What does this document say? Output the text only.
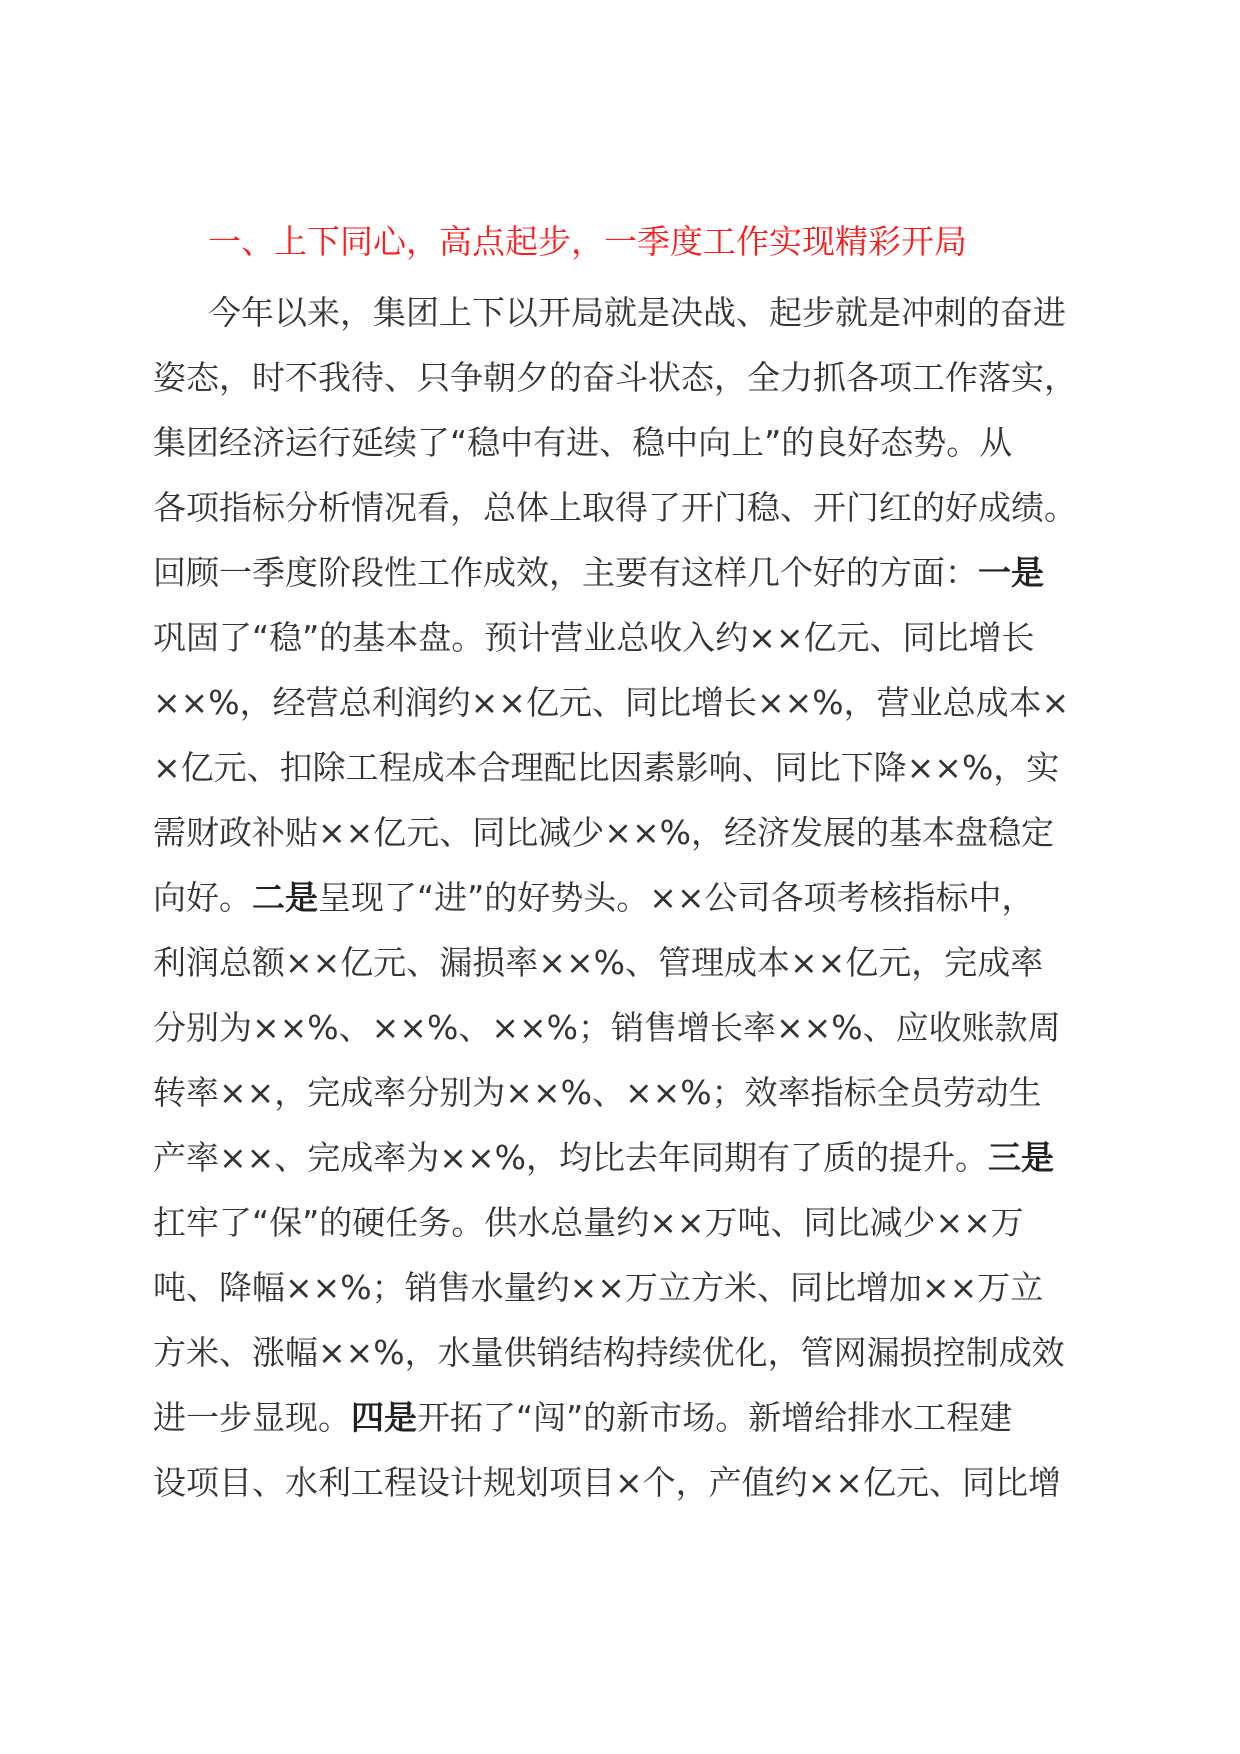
一、上下同心，高点起步，一季度工作实现精彩开局
今年以来，集团上下以开局就是决战、起步就是冲刺的奋进
姿态，时不我待、只争朝夕的奋斗状态，全力抓各项工作落实，
集团经济运行延续了“稳中有进、稳中向上”的良好态势。从
各项指标分析情况看，总体上取得了开门稳、开门红的好成绩。
回顾一季度阶段性工作成效，主要有这样几个好的方面：一是
巩固了“稳”的基本盘。预计营业总收入约××亿元、同比增长
××%，经营总利润约××亿元、同比增长××%，营业总成本×
×亿元、扣除工程成本合理配比因素影响、同比下降××%，实
需财政补贴××亿元、同比减少××%，经济发展的基本盘稳定
向好。二是呈现了“进”的好势头。××公司各项考核指标中，
利润总额××亿元、漏损率××%、管理成本××亿元，完成率
分别为××%、××%、××%；销售增长率××%、应收账款周
转率××，完成率分别为××%、××%；效率指标全员劳动生
产率××、完成率为××%，均比去年同期有了质的提升。三是
扛牢了“保”的硬任务。供水总量约××万吨、同比减少××万
吨、降幅××%；销售水量约××万立方米、同比增加××万立
方米、涨幅××%，水量供销结构持续优化，管网漏损控制成效
进一步显现。四是开拓了“闯”的新市场。新增给排水工程建
设项目、水利工程设计规划项目×个，产值约××亿元、同比增
